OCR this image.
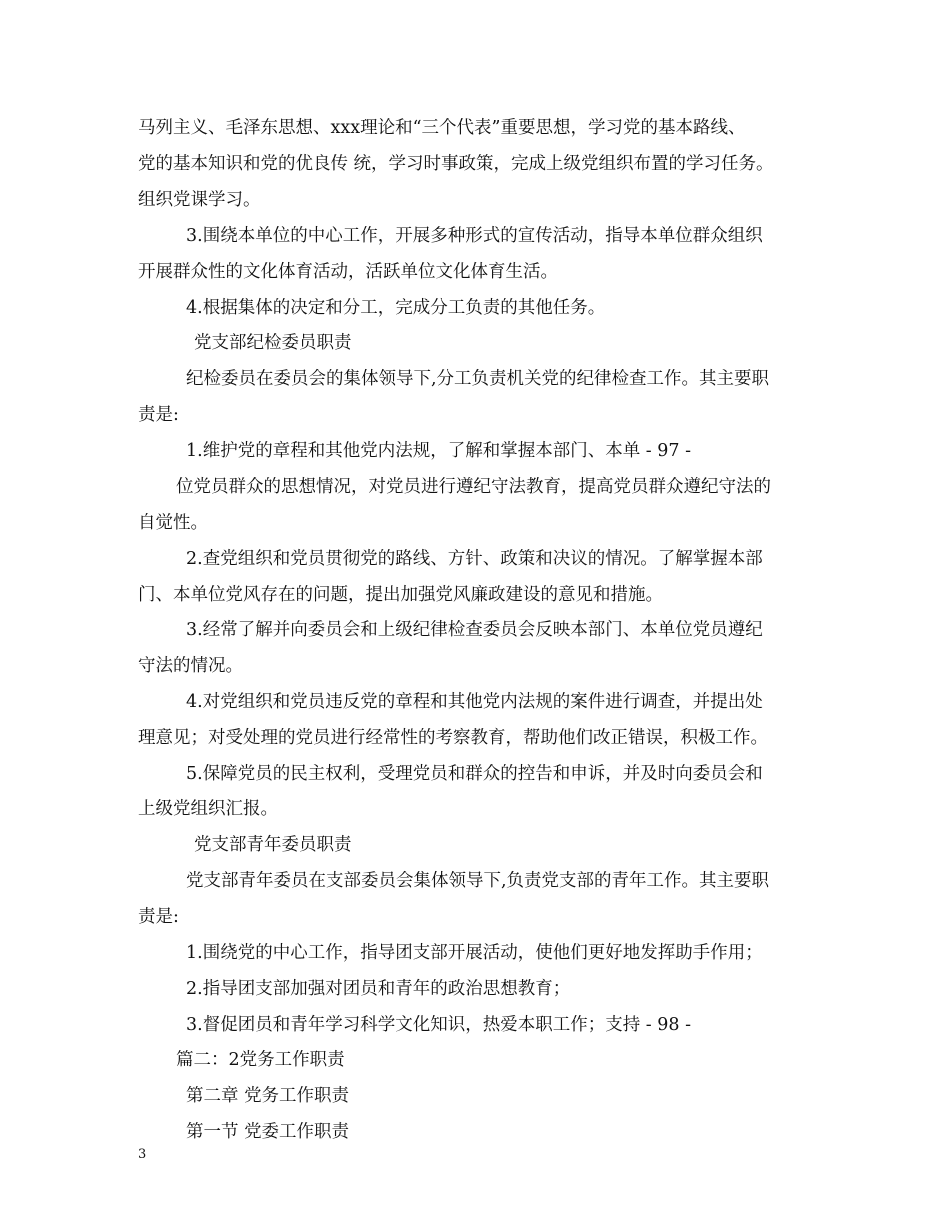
马列主义、毛泽东思想、xxx理论和“三个代表”重要思想，学习党的基本路线、
党的基本知识和党的优良传 统，学习时事政策，完成上级党组织布置的学习任务。
组织党课学习。
3.围绕本单位的中心工作，开展多种形式的宣传活动，指导本单位群众组织
开展群众性的文化体育活动，活跃单位文化体育生活。
4.根据集体的决定和分工，完成分工负责的其他任务。
党支部纪检委员职责
纪检委员在委员会的集体领导下,分工负责机关党的纪律检查工作。其主要职
责是:
1.维护党的章程和其他党内法规，了解和掌握本部门、本单 - 97 -
位党员群众的思想情况，对党员进行遵纪守法教育，提高党员群众遵纪守法的
自觉性。
2.查党组织和党员贯彻党的路线、方针、政策和决议的情况。了解掌握本部
门、本单位党风存在的问题，提出加强党风廉政建设的意见和措施。
3.经常了解并向委员会和上级纪律检查委员会反映本部门、本单位党员遵纪
守法的情况。
4.对党组织和党员违反党的章程和其他党内法规的案件进行调查，并提出处
理意见；对受处理的党员进行经常性的考察教育，帮助他们改正错误，积极工作。
5.保障党员的民主权利，受理党员和群众的控告和申诉，并及时向委员会和
上级党组织汇报。
党支部青年委员职责
党支部青年委员在支部委员会集体领导下,负责党支部的青年工作。其主要职
责是:
1.围绕党的中心工作，指导团支部开展活动，使他们更好地发挥助手作用；
2.指导团支部加强对团员和青年的政治思想教育；
3.督促团员和青年学习科学文化知识，热爱本职工作；支持 - 98 -
篇二：2党务工作职责
第二章 党务工作职责
第一节 党委工作职责
3
